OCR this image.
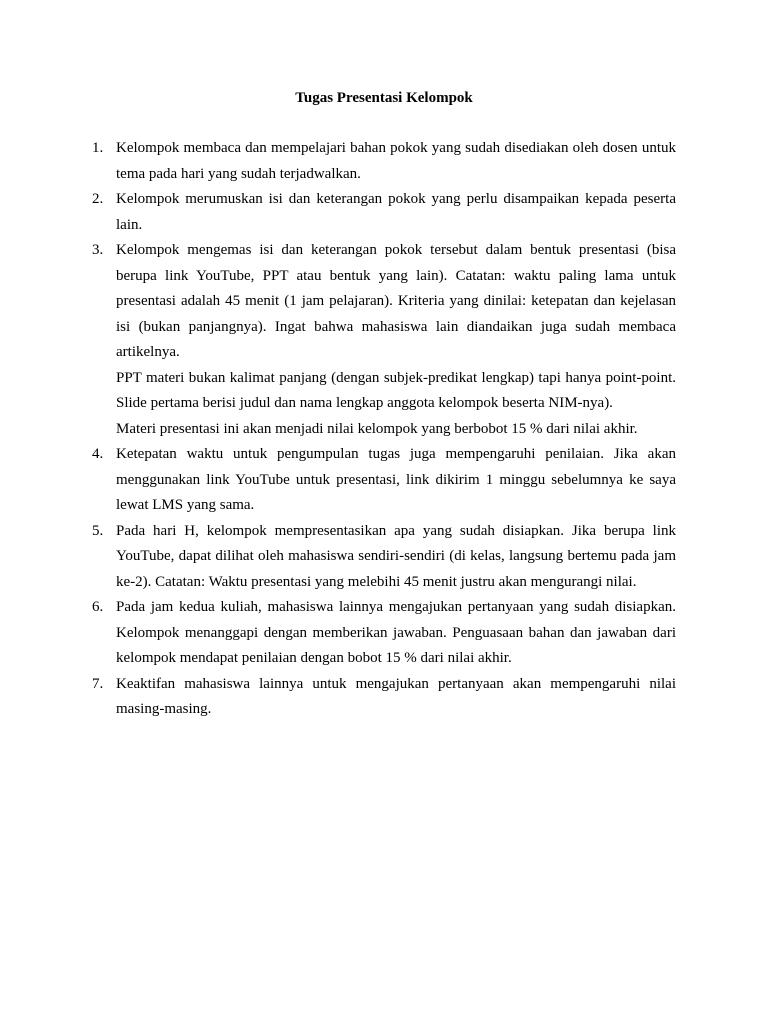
Tugas Presentasi Kelompok
1. Kelompok membaca dan mempelajari bahan pokok yang sudah disediakan oleh dosen untuk tema pada hari yang sudah terjadwalkan.
2. Kelompok merumuskan isi dan keterangan pokok yang perlu disampaikan kepada peserta lain.
3. Kelompok mengemas isi dan keterangan pokok tersebut dalam bentuk presentasi (bisa berupa link YouTube, PPT atau bentuk yang lain). Catatan: waktu paling lama untuk presentasi adalah 45 menit (1 jam pelajaran). Kriteria yang dinilai: ketepatan dan kejelasan isi (bukan panjangnya). Ingat bahwa mahasiswa lain diandaikan juga sudah membaca artikelnya.
PPT materi bukan kalimat panjang (dengan subjek-predikat lengkap) tapi hanya point-point. Slide pertama berisi judul dan nama lengkap anggota kelompok beserta NIM-nya).
Materi presentasi ini akan menjadi nilai kelompok yang berbobot 15 % dari nilai akhir.
4. Ketepatan waktu untuk pengumpulan tugas juga mempengaruhi penilaian. Jika akan menggunakan link YouTube untuk presentasi, link dikirim 1 minggu sebelumnya ke saya lewat LMS yang sama.
5. Pada hari H, kelompok mempresentasikan apa yang sudah disiapkan. Jika berupa link YouTube, dapat dilihat oleh mahasiswa sendiri-sendiri (di kelas, langsung bertemu pada jam ke-2). Catatan: Waktu presentasi yang melebihi 45 menit justru akan mengurangi nilai.
6. Pada jam kedua kuliah, mahasiswa lainnya mengajukan pertanyaan yang sudah disiapkan. Kelompok menanggapi dengan memberikan jawaban. Penguasaan bahan dan jawaban dari kelompok mendapat penilaian dengan bobot 15 % dari nilai akhir.
7. Keaktifan mahasiswa lainnya untuk mengajukan pertanyaan akan mempengaruhi nilai masing-masing.
